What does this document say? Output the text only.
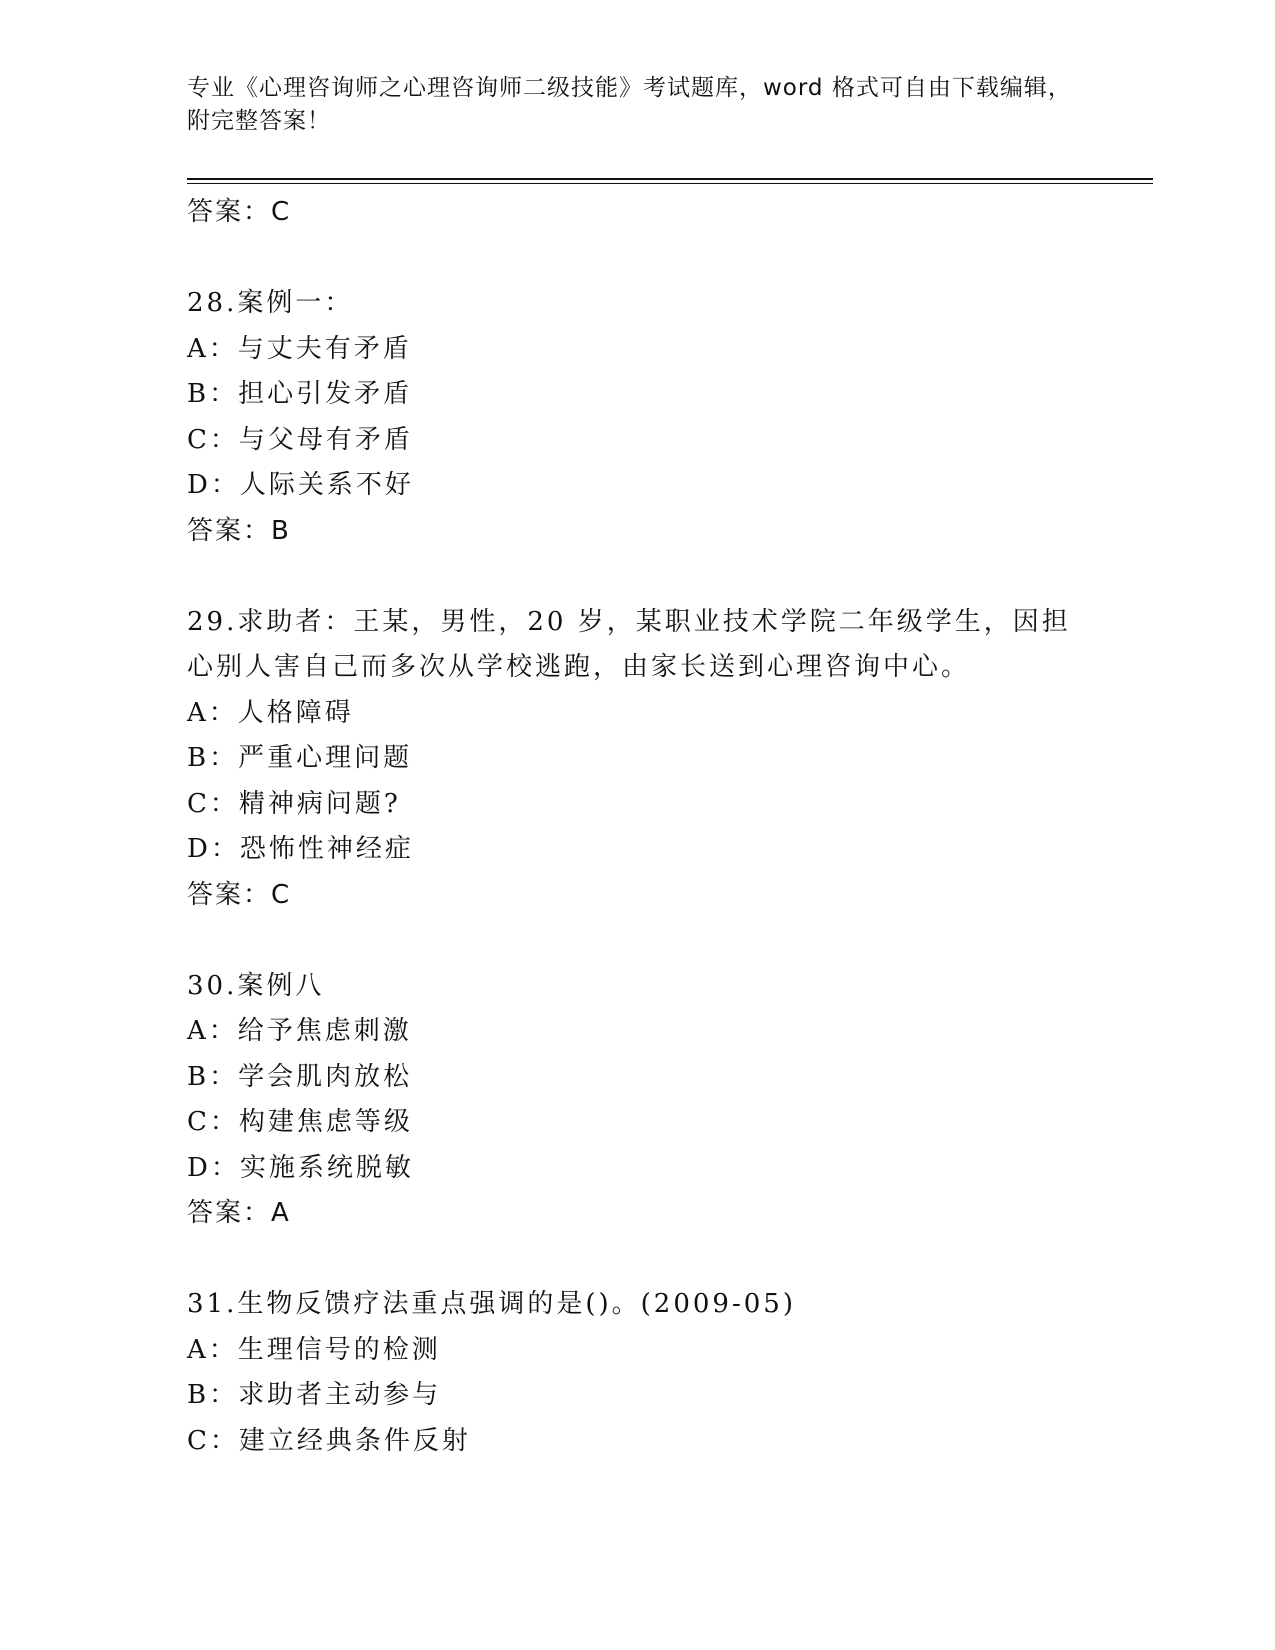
专业《心理咨询师之心理咨询师二级技能》考试题库，word 格式可自由下载编辑，附完整答案！
答案：C
28.案例一：
A：与丈夫有矛盾
B：担心引发矛盾
C：与父母有矛盾
D：人际关系不好
答案：B
29.求助者：王某，男性，20 岁，某职业技术学院二年级学生，因担心别人害自己而多次从学校逃跑，由家长送到心理咨询中心。
A：人格障碍
B：严重心理问题
C：精神病问题?
D：恐怖性神经症
答案：C
30.案例八
A：给予焦虑刺激
B：学会肌肉放松
C：构建焦虑等级
D：实施系统脱敏
答案：A
31.生物反馈疗法重点强调的是()。(2009-05)
A：生理信号的检测
B：求助者主动参与
C：建立经典条件反射
